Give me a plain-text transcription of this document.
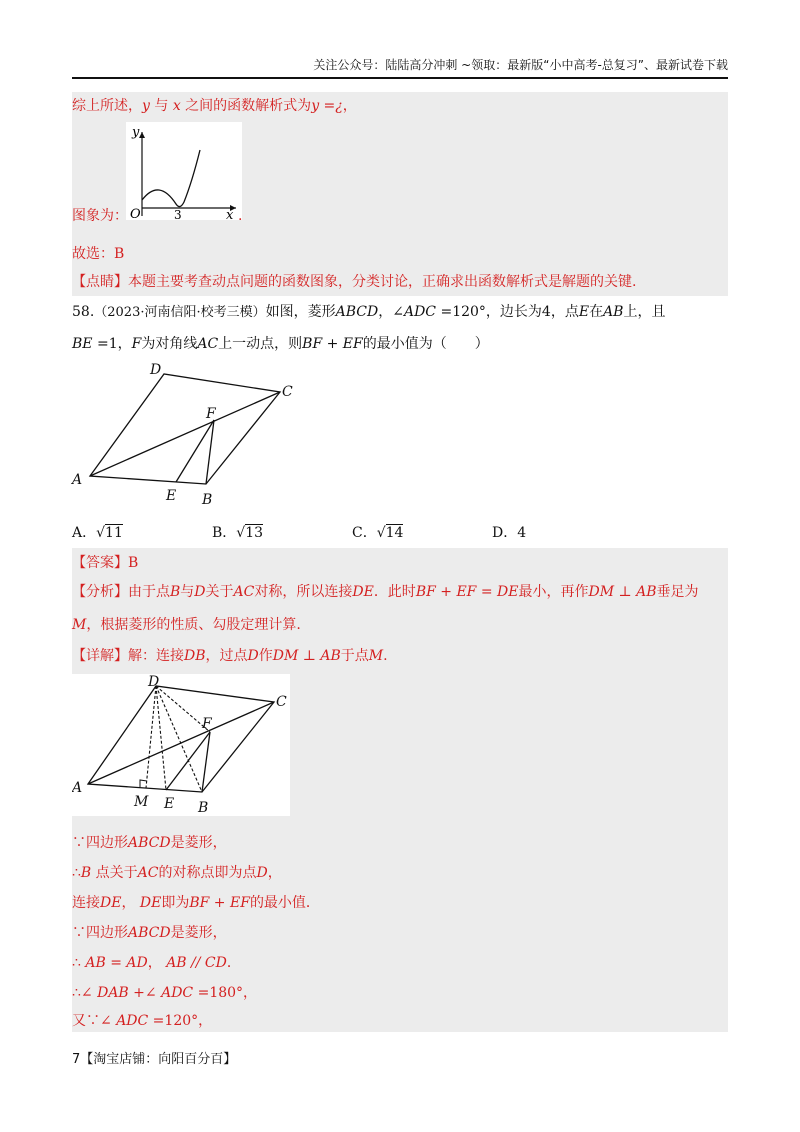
关注公众号：陆陆高分冲刺 ~领取：最新版“小中高考-总复习”、最新试卷下载
综上所述，y 与 x 之间的函数解析式为y =¿，
y
x
O	3
图象为：	.
故选：B
【点睛】本题主要考查动点问题的函数图象，分类讨论，正确求出函数解析式是解题的关键.
58.（2023·河南信阳·校考三模）如图，菱形ABCD，∠ADC =120°，边长为4，点E在AB上，且
BE =1，F为对角线AC上一动点，则BF + EF的最小值为（　　）
A
B
C
D
E
F
A．√11	B．√13	C．√14	D．4
【答案】B
【分析】由于点B与D关于AC对称，所以连接DE．此时BF + EF = DE最小，再作DM ⊥ AB垂足为
M，根据菱形的性质、勾股定理计算.
【详解】解：连接DB，过点D作DM ⊥ AB于点M.
A
B
C
D
E
F
M
∵四边形ABCD是菱形，
∴B 点关于AC的对称点即为点D，
连接DE， DE即为BF + EF的最小值．
∵四边形ABCD是菱形，
∴ AB = AD， AB // CD．
∴∠ DAB +∠ ADC =180°，
又∵∠ ADC =120°，
7【淘宝店铺：向阳百分百】
